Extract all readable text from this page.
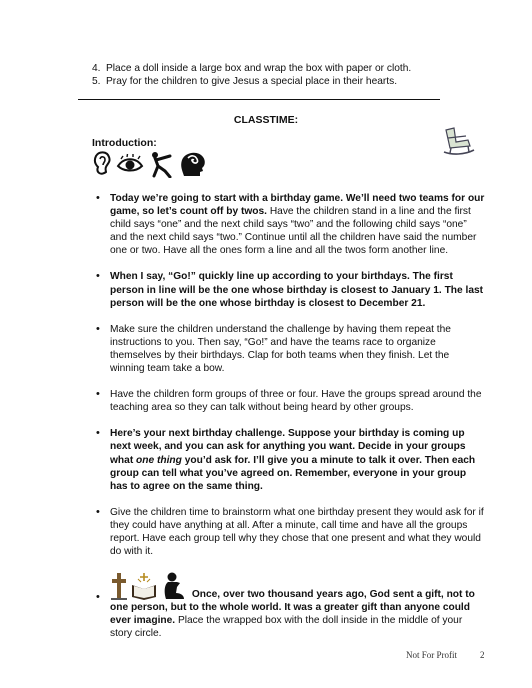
4. Place a doll inside a large box and wrap the box with paper or cloth.
5. Pray for the children to give Jesus a special place in their hearts.
CLASSTIME:
Introduction:
• Today we’re going to start with a birthday game. We’ll need two teams for our game, so let’s count off by twos. Have the children stand in a line and the first child says “one” and the next child says “two” and the following child says “one” and the next child says “two.” Continue until all the children have said the number one or two. Have all the ones form a line and all the twos form another line.
• When I say, “Go!” quickly line up according to your birthdays. The first person in line will be the one whose birthday is closest to January 1. The last person will be the one whose birthday is closest to December 21.
• Make sure the children understand the challenge by having them repeat the instructions to you. Then say, “Go!” and have the teams race to organize themselves by their birthdays. Clap for both teams when they finish. Let the winning team take a bow.
• Have the children form groups of three or four. Have the groups spread around the teaching area so they can talk without being heard by other groups.
• Here’s your next birthday challenge. Suppose your birthday is coming up next week, and you can ask for anything you want. Decide in your groups what one thing you’d ask for. I’ll give you a minute to talk it over. Then each group can tell what you’ve agreed on. Remember, everyone in your group has to agree on the same thing.
• Give the children time to brainstorm what one birthday present they would ask for if they could have anything at all. After a minute, call time and have all the groups report. Have each group tell why they chose that one present and what they would do with it.
•	Once, over two thousand years ago, God sent a gift, not to one person, but to the whole world. It was a greater gift than anyone could ever imagine. Place the wrapped box with the doll inside in the middle of your story circle.
Not For Profit	2
